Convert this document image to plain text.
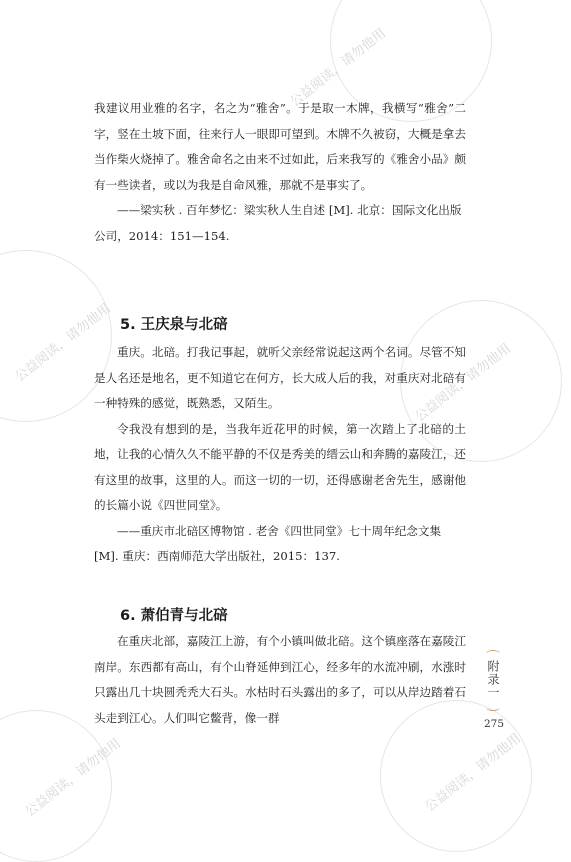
公益阅读，请勿他用
公益阅读，请勿他用	公益阅读，请勿他用
公益阅读，请勿他用
公益阅读，请勿他用

我建议用业雅的名字，名之为“雅舍”。于是取一木牌，我横写“雅舍”二字，竖在土坡下面，往来行人一眼即可望到。木牌不久被窃，大概是拿去当作柴火烧掉了。雅舍命名之由来不过如此，后来我写的《雅舍小品》颇有一些读者，或以为我是自命风雅，那就不是事实了。

——梁实秋 . 百年梦忆：梁实秋人生自述 [M]. 北京：国际文化出版公司，2014：151—154.

5. 王庆泉与北碚

重庆。北碚。打我记事起，就听父亲经常说起这两个名词。尽管不知是人名还是地名，更不知道它在何方，长大成人后的我，对重庆对北碚有一种特殊的感觉，既熟悉，又陌生。

令我没有想到的是，当我年近花甲的时候，第一次踏上了北碚的土地，让我的心情久久不能平静的不仅是秀美的缙云山和奔腾的嘉陵江，还有这里的故事，这里的人。而这一切的一切，还得感谢老舍先生，感谢他的长篇小说《四世同堂》。

——重庆市北碚区博物馆 . 老舍《四世同堂》七十周年纪念文集 [M]. 重庆：西南师范大学出版社，2015：137.

6. 萧伯青与北碚

在重庆北部，嘉陵江上游，有个小镇叫做北碚。这个镇座落在嘉陵江南岸。东西都有高山，有个山脊延伸到江心，经多年的水流冲刷，水涨时只露出几十块圆秃秃大石头。水枯时石头露出的多了，可以从岸边踏着石头走到江心。人们叫它鳖背，像一群

附录一
275
